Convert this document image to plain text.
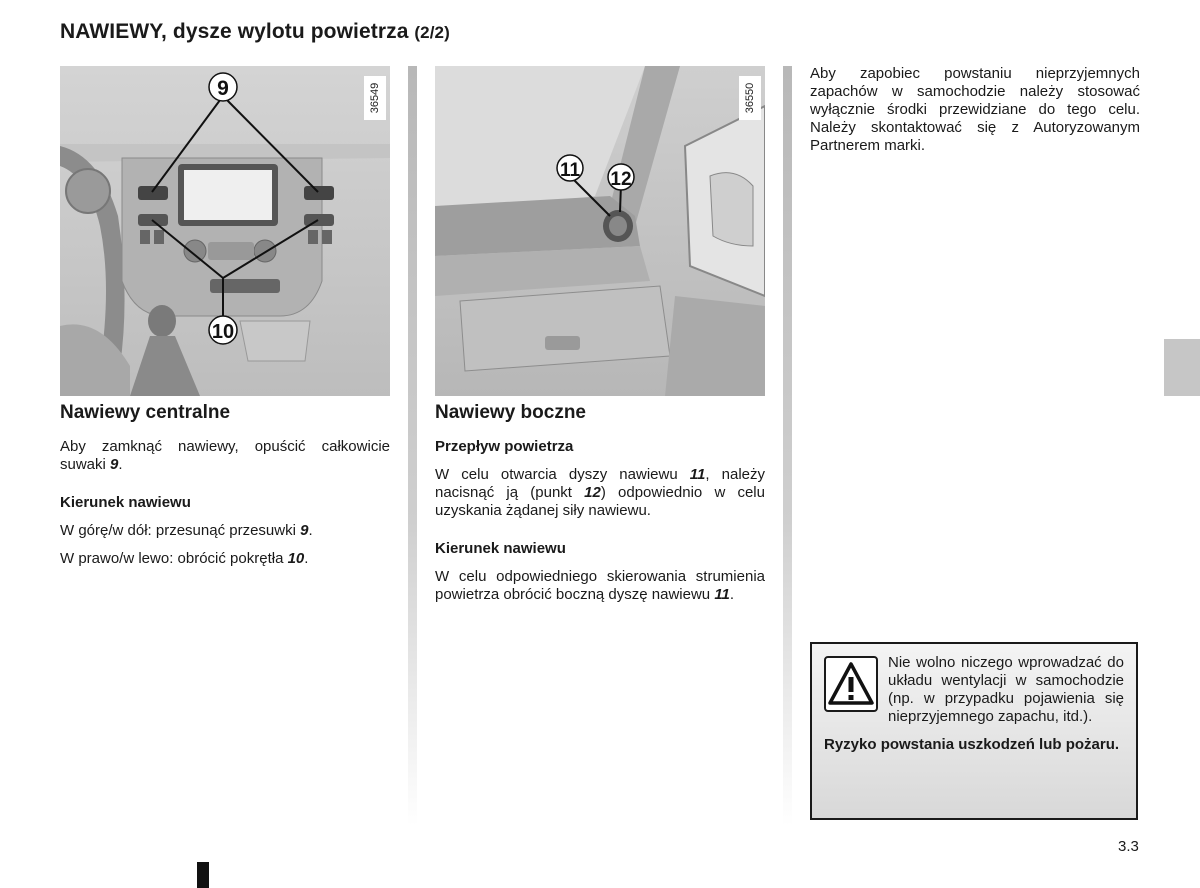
NAWIEWY, dysze wylotu powietrza (2/2)
9
10
36549
11 12
36550
Nawiewy centralne

Aby zamknąć nawiewy, opuścić całkowicie suwaki 9.

Kierunek nawiewu

W górę/w dół: przesunąć przesuwki 9.

W prawo/w lewo: obrócić pokrętła 10.

Nawiewy boczne
Przepływ powietrza

W celu otwarcia dyszy nawiewu 11, należy nacisnąć ją (punkt 12) odpowiednio w celu uzyskania żądanej siły nawiewu.

Kierunek nawiewu

W celu odpowiedniego skierowania strumienia powietrza obrócić boczną dyszę nawiewu 11.

Aby zapobiec powstaniu nieprzyjemnych zapachów w samochodzie należy stosować wyłącznie środki przewidziane do tego celu. Należy skontaktować się z Autoryzowanym Partnerem marki.

Nie wolno niczego wprowadzać do układu wentylacji w samochodzie (np. w przypadku pojawienia się nieprzyjemnego zapachu, itd.).

Ryzyko powstania uszkodzeń lub pożaru.

3.3
